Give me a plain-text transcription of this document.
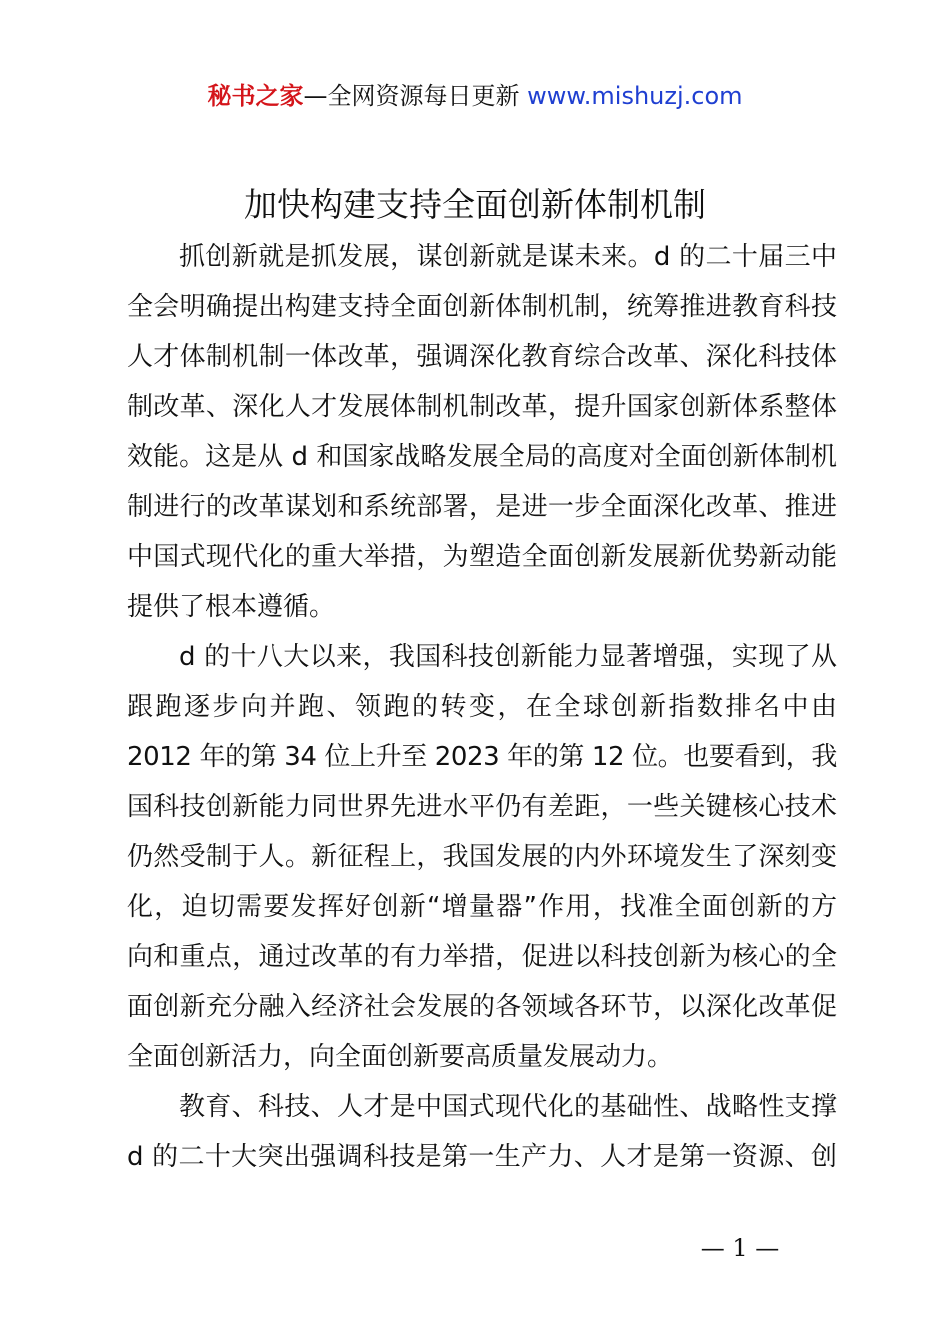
秘书之家—全网资源每日更新 www.mishuzj.com
加快构建支持全面创新体制机制

抓创新就是抓发展，谋创新就是谋未来。d 的二十届三中
全会明确提出构建支持全面创新体制机制，统筹推进教育科技
人才体制机制一体改革，强调深化教育综合改革、深化科技体
制改革、深化人才发展体制机制改革，提升国家创新体系整体
效能。这是从 d 和国家战略发展全局的高度对全面创新体制机
制进行的改革谋划和系统部署，是进一步全面深化改革、推进
中国式现代化的重大举措，为塑造全面创新发展新优势新动能
提供了根本遵循。

d 的十八大以来，我国科技创新能力显著增强，实现了从
跟跑逐步向并跑、领跑的转变，在全球创新指数排名中由
2012 年的第 34 位上升至 2023 年的第 12 位。也要看到，我
国科技创新能力同世界先进水平仍有差距，一些关键核心技术
仍然受制于人。新征程上，我国发展的内外环境发生了深刻变
化，迫切需要发挥好创新“增量器”作用，找准全面创新的方
向和重点，通过改革的有力举措，促进以科技创新为核心的全
面创新充分融入经济社会发展的各领域各环节，以深化改革促
全面创新活力，向全面创新要高质量发展动力。

教育、科技、人才是中国式现代化的基础性、战略性支撑
d 的二十大突出强调科技是第一生产力、人才是第一资源、创

— 1 —
